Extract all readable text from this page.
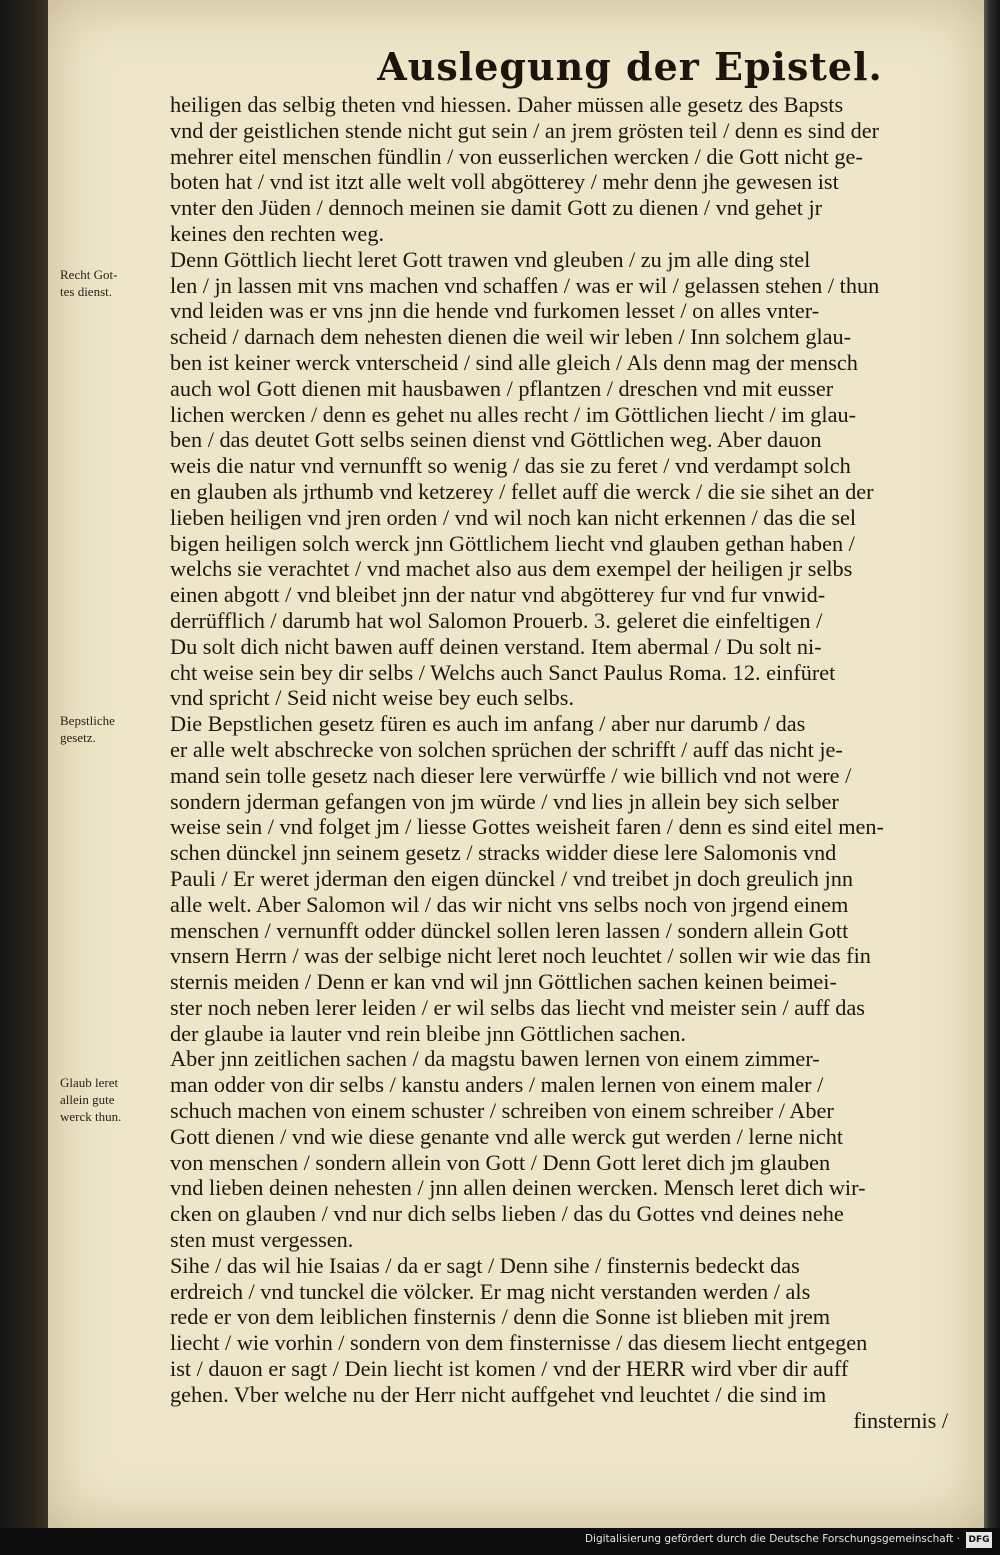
Auslegung der Epistel.
heiligen das selbig theten vnd hiessen. Daher müssen alle gesetz des Bapsts
vnd der geistlichen stende nicht gut sein / an jrem grösten teil / denn es sind der
mehrer eitel menschen fündlin / von eusserlichen wercken / die Gott nicht ge-
boten hat / vnd ist itzt alle welt voll abgötterey / mehr denn jhe gewesen ist
vnter den Jüden / dennoch meinen sie damit Gott zu dienen / vnd gehet jr
keines den rechten weg.
Denn Göttlich liecht leret Gott trawen vnd gleuben / zu jm alle ding stel
len / jn lassen mit vns machen vnd schaffen / was er wil / gelassen stehen / thun
vnd leiden was er vns jnn die hende vnd furkomen lesset / on alles vnter-
scheid / darnach dem nehesten dienen die weil wir leben / Inn solchem glau-
ben ist keiner werck vnterscheid / sind alle gleich / Als denn mag der mensch
auch wol Gott dienen mit hausbawen / pflantzen / dreschen vnd mit eusser
lichen wercken / denn es gehet nu alles recht / im Göttlichen liecht / im glau-
ben / das deutet Gott selbs seinen dienst vnd Göttlichen weg. Aber dauon
weis die natur vnd vernunfft so wenig / das sie zu feret / vnd verdampt solch
en glauben als jrthumb vnd ketzerey / fellet auff die werck / die sie sihet an der
lieben heiligen vnd jren orden / vnd wil noch kan nicht erkennen / das die sel
bigen heiligen solch werck jnn Göttlichem liecht vnd glauben gethan haben /
welchs sie verachtet / vnd machet also aus dem exempel der heiligen jr selbs
einen abgott / vnd bleibet jnn der natur vnd abgötterey fur vnd fur vnwid-
derrüfflich / darumb hat wol Salomon Prouerb. 3. geleret die einfeltigen /
Du solt dich nicht bawen auff deinen verstand. Item abermal / Du solt ni-
cht weise sein bey dir selbs / Welchs auch Sanct Paulus Roma. 12. einfüret
vnd spricht / Seid nicht weise bey euch selbs.
Die Bepstlichen gesetz füren es auch im anfang / aber nur darumb / das
er alle welt abschrecke von solchen sprüchen der schrifft / auff das nicht je-
mand sein tolle gesetz nach dieser lere verwürffe / wie billich vnd not were /
sondern jderman gefangen von jm würde / vnd lies jn allein bey sich selber
weise sein / vnd folget jm / liesse Gottes weisheit faren / denn es sind eitel men-
schen dünckel jnn seinem gesetz / stracks widder diese lere Salomonis vnd
Pauli / Er weret jderman den eigen dünckel / vnd treibet jn doch greulich jnn
alle welt. Aber Salomon wil / das wir nicht vns selbs noch von jrgend einem
menschen / vernunfft odder dünckel sollen leren lassen / sondern allein Gott
vnsern Herrn / was der selbige nicht leret noch leuchtet / sollen wir wie das fin
sternis meiden / Denn er kan vnd wil jnn Göttlichen sachen keinen beimei-
ster noch neben lerer leiden / er wil selbs das liecht vnd meister sein / auff das
der glaube ia lauter vnd rein bleibe jnn Göttlichen sachen.
Aber jnn zeitlichen sachen / da magstu bawen lernen von einem zimmer-
man odder von dir selbs / kanstu anders / malen lernen von einem maler /
schuch machen von einem schuster / schreiben von einem schreiber / Aber
Gott dienen / vnd wie diese genante vnd alle werck gut werden / lerne nicht
von menschen / sondern allein von Gott / Denn Gott leret dich jm glauben
vnd lieben deinen nehesten / jnn allen deinen wercken. Mensch leret dich wir-
cken on glauben / vnd nur dich selbs lieben / das du Gottes vnd deines nehe
sten must vergessen.
Sihe / das wil hie Isaias / da er sagt / Denn sihe / finsternis bedeckt das
erdreich / vnd tunckel die völcker. Er mag nicht verstanden werden / als
rede er von dem leiblichen finsternis / denn die Sonne ist blieben mit jrem
liecht / wie vorhin / sondern von dem finsternisse / das diesem liecht entgegen
ist / dauon er sagt / Dein liecht ist komen / vnd der HERR wird vber dir auff
gehen. Vber welche nu der Herr nicht auffgehet vnd leuchtet / die sind im
finsternis /
Recht Got-
tes dienst.
Bepstliche
gesetz.
Glaub leret
allein gute
werck thun.
Digitalisierung gefördert durch die Deutsche Forschungsgemeinschaft · DFG
